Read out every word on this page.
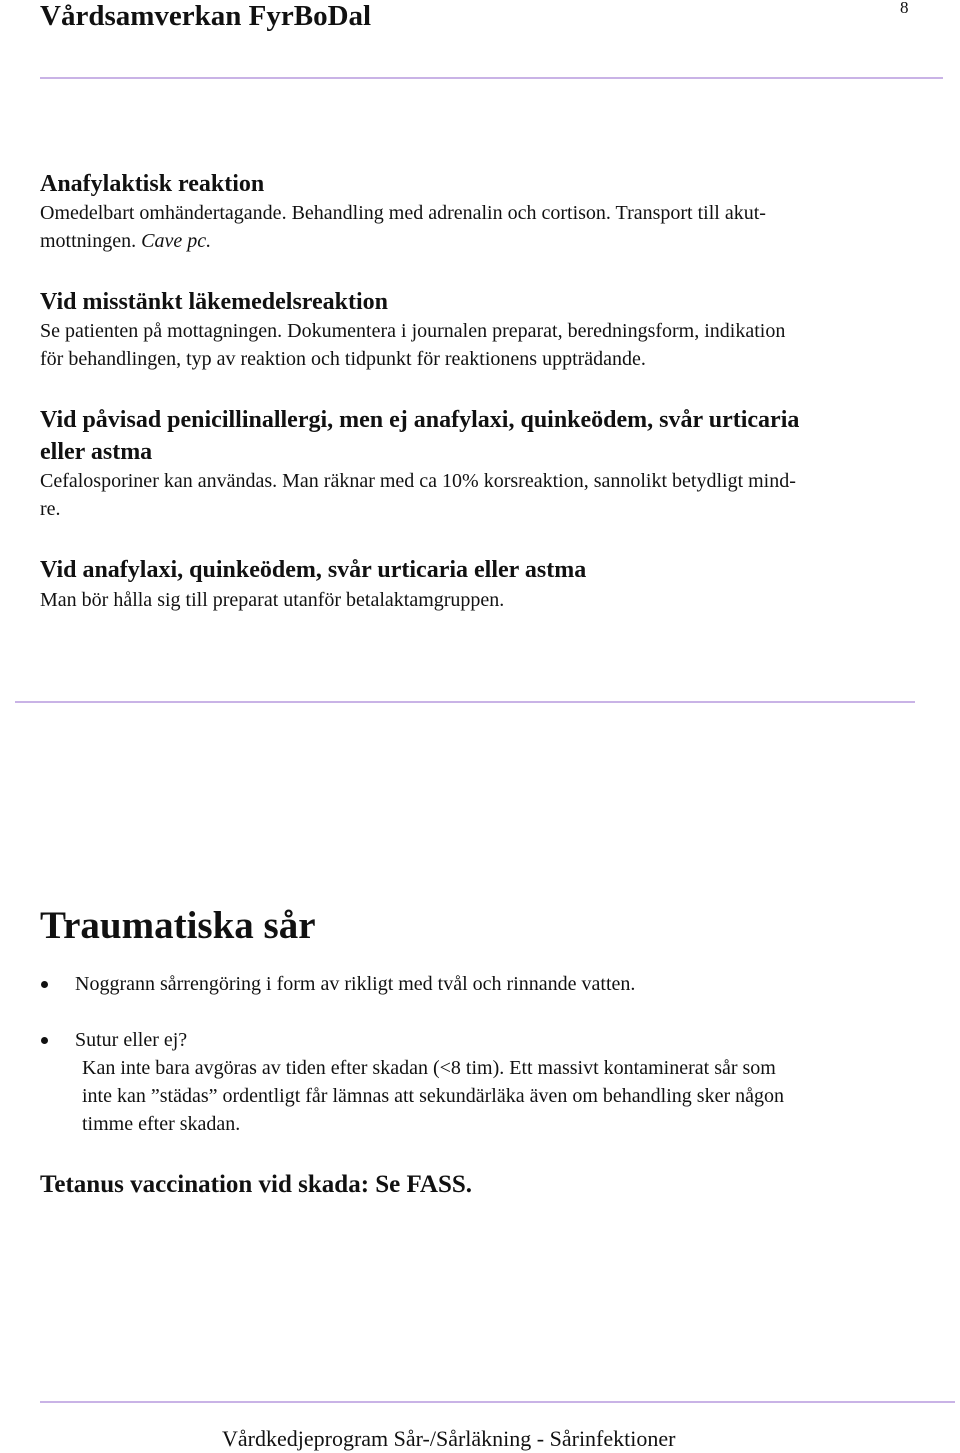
Vårdsamverkan FyrBoDal	8
Anafylaktisk reaktion
Omedelbart omhändertagande. Behandling med adrenalin och cortison. Transport till akut-
mottningen. Cave pc.
Vid misstänkt läkemedelsreaktion
Se patienten på mottagningen. Dokumentera i journalen preparat, beredningsform, indikation
för behandlingen, typ av reaktion och tidpunkt för reaktionens uppträdande.
Vid påvisad penicillinallergi, men ej anafylaxi, quinkeödem, svår urticaria
eller astma
Cefalosporiner kan användas. Man räknar med ca 10% korsreaktion, sannolikt betydligt mind-
re.
Vid anafylaxi, quinkeödem, svår urticaria eller astma
Man bör hålla sig till preparat utanför betalaktamgruppen.
Traumatiska sår
Noggrann sårrengöring i form av rikligt med tvål och rinnande vatten.
Sutur eller ej?
Kan inte bara avgöras av tiden efter skadan (<8 tim). Ett massivt kontaminerat sår som
inte kan ”städas” ordentligt får lämnas att sekundärläka även om behandling sker någon
timme efter skadan.
Tetanus vaccination vid skada: Se FASS.
Vårdkedjeprogram Sår-/Sårläkning - Sårinfektioner
